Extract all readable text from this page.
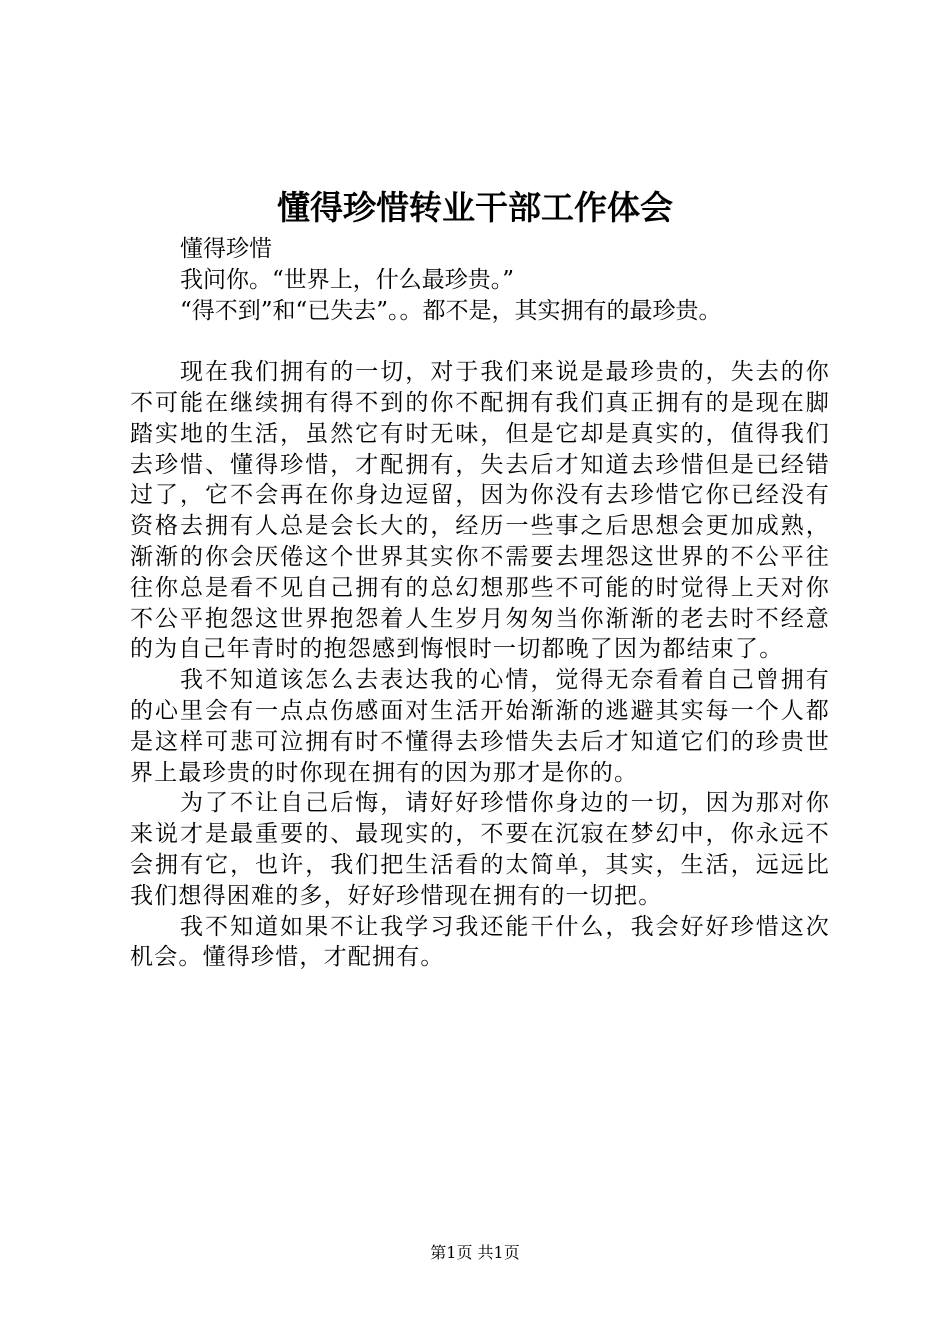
懂得珍惜转业干部工作体会
懂得珍惜
我问你。“世界上，什么最珍贵。”
“得不到”和“已失去”。。都不是，其实拥有的最珍贵。
现在我们拥有的一切，对于我们来说是最珍贵的，失去的你不可能在继续拥有得不到的你不配拥有我们真正拥有的是现在脚踏实地的生活，虽然它有时无味，但是它却是真实的，值得我们去珍惜、懂得珍惜，才配拥有，失去后才知道去珍惜但是已经错过了，它不会再在你身边逗留，因为你没有去珍惜它你已经没有资格去拥有人总是会长大的，经历一些事之后思想会更加成熟，渐渐的你会厌倦这个世界其实你不需要去埋怨这世界的不公平往往你总是看不见自己拥有的总幻想那些不可能的时觉得上天对你不公平抱怨这世界抱怨着人生岁月匆匆当你渐渐的老去时不经意的为自己年青时的抱怨感到悔恨时一切都晚了因为都结束了。
我不知道该怎么去表达我的心情，觉得无奈看着自己曾拥有的心里会有一点点伤感面对生活开始渐渐的逃避其实每一个人都是这样可悲可泣拥有时不懂得去珍惜失去后才知道它们的珍贵世界上最珍贵的时你现在拥有的因为那才是你的。
为了不让自己后悔，请好好珍惜你身边的一切，因为那对你来说才是最重要的、最现实的，不要在沉寂在梦幻中，你永远不会拥有它，也许，我们把生活看的太简单，其实，生活，远远比我们想得困难的多，好好珍惜现在拥有的一切把。
我不知道如果不让我学习我还能干什么，我会好好珍惜这次机会。懂得珍惜，才配拥有。
第1页 共1页
